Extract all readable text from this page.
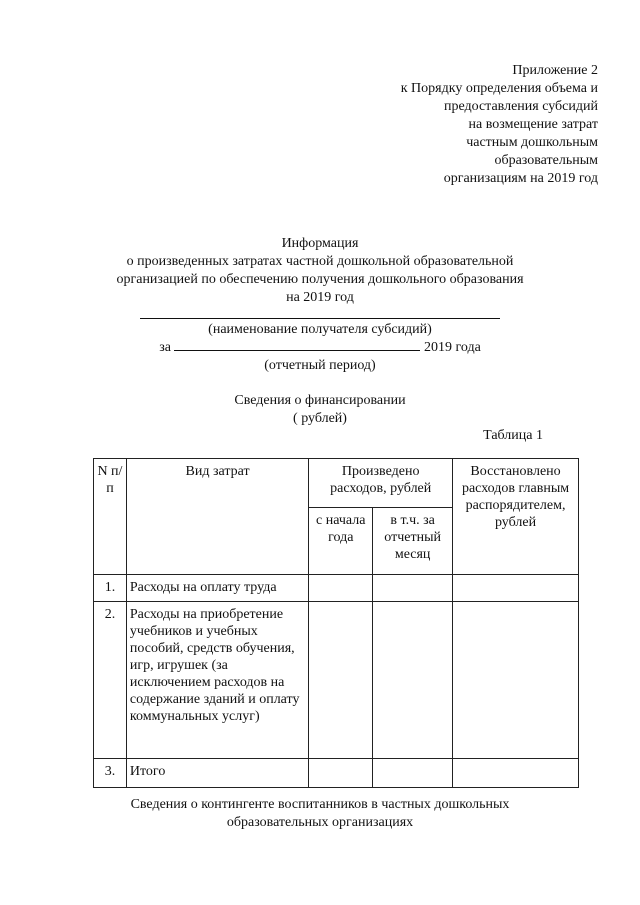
Приложение 2
к Порядку определения объема и
предоставления субсидий
на возмещение затрат
частным дошкольным
образовательным
организациям на 2019 год
Информация
о произведенных затратах частной дошкольной образовательной
организацией по обеспечению получения дошкольного образования
на 2019 год
(наименование получателя субсидий)
за	2019 года
(отчетный период)
Сведения о финансировании
( рублей)
Таблица 1
N п/п	Вид затрат	Произведено расходов, рублей		Восстановлено расходов главным распорядителем, рублей
		с начала года	в т.ч. за отчетный месяц	
1.	Расходы на оплату труда			
2.	Расходы на приобретение учебников и учебных пособий, средств обучения, игр, игрушек (за исключением расходов на содержание зданий и оплату коммунальных услуг)			
3.	Итого			
Сведения о контингенте воспитанников в частных дошкольных
образовательных организациях
